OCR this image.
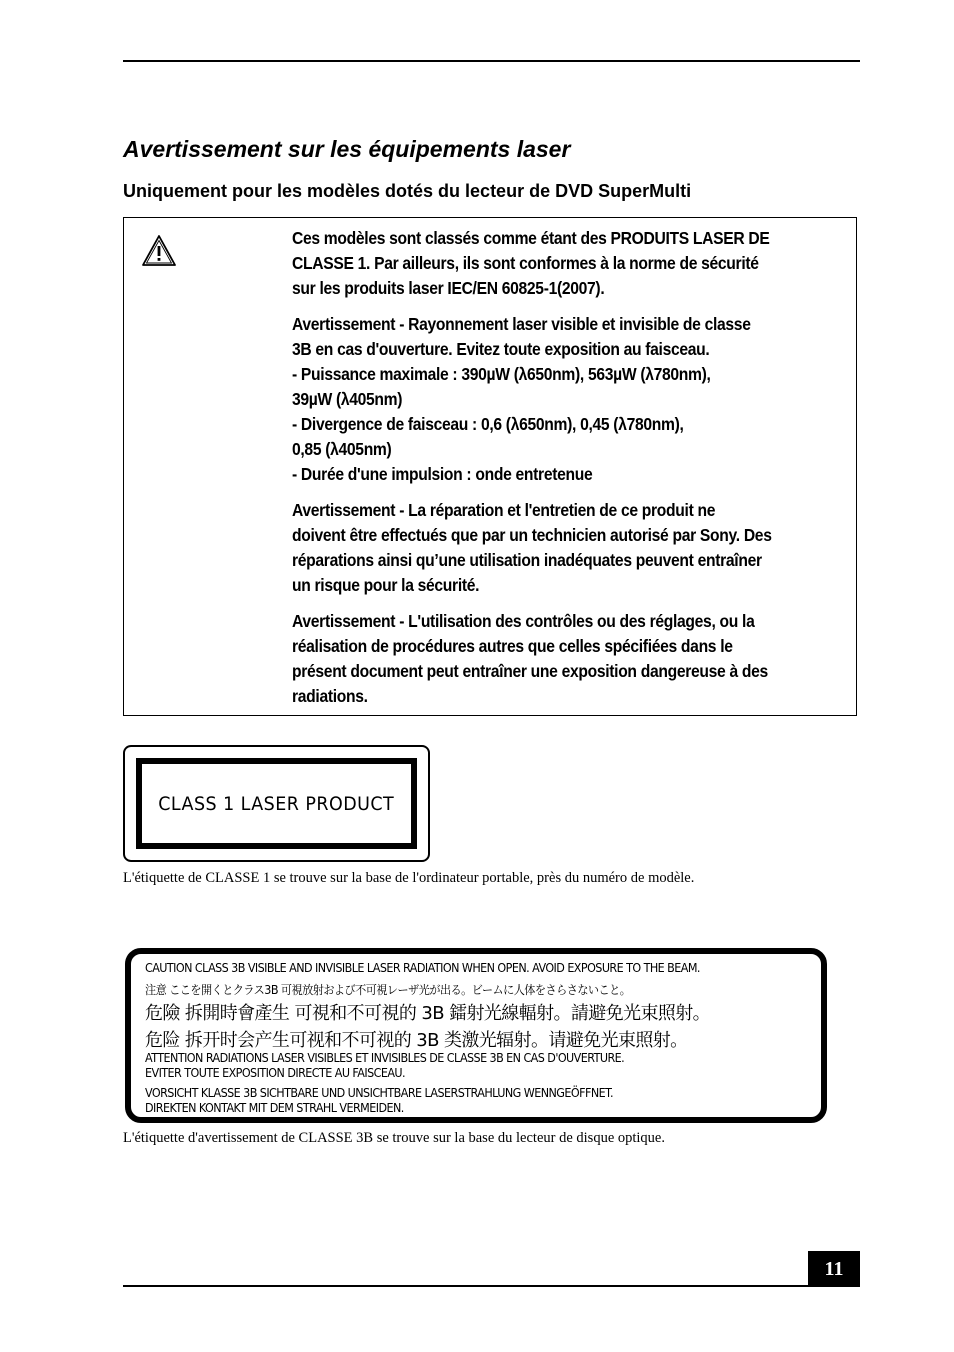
Avertissement sur les équipements laser
Uniquement pour les modèles dotés du lecteur de DVD SuperMulti

Ces modèles sont classés comme étant des PRODUITS LASER DE
CLASSE 1. Par ailleurs, ils sont conformes à la norme de sécurité
sur les produits laser IEC/EN 60825-1(2007).

Avertissement - Rayonnement laser visible et invisible de classe
3B en cas d'ouverture. Evitez toute exposition au faisceau.
- Puissance maximale : 390µW (λ650nm), 563µW (λ780nm),
39µW (λ405nm)
- Divergence de faisceau : 0,6 (λ650nm), 0,45 (λ780nm),
0,85 (λ405nm)
- Durée d'une impulsion : onde entretenue

Avertissement - La réparation et l'entretien de ce produit ne
doivent être effectués que par un technicien autorisé par Sony. Des
réparations ainsi qu’une utilisation inadéquates peuvent entraîner
un risque pour la sécurité.

Avertissement - L'utilisation des contrôles ou des réglages, ou la
réalisation de procédures autres que celles spécifiées dans le
présent document peut entraîner une exposition dangereuse à des
radiations.

CLASS 1 LASER PRODUCT
L'étiquette de CLASSE 1 se trouve sur la base de l'ordinateur portable, près du numéro de modèle.
CAUTION CLASS 3B VISIBLE AND INVISIBLE LASER RADIATION WHEN OPEN. AVOID EXPOSURE TO THE BEAM.
注意 ここを開くとクラス3B 可視放射および不可視レーザ光が出る。ビームに人体をさらさないこと。
危險 拆開時會產生 可視和不可視的 3B 鐳射光線輻射。請避免光束照射。
危险 拆开时会产生可视和不可视的 3B 类激光辐射。请避免光束照射。
ATTENTION RADIATIONS LASER VISIBLES ET INVISIBLES DE CLASSE 3B EN CAS D'OUVERTURE.
EVITER TOUTE EXPOSITION DIRECTE AU FAISCEAU.
VORSICHT KLASSE 3B SICHTBARE UND UNSICHTBARE LASERSTRAHLUNG WENNGEÖFFNET.
DIREKTEN KONTAKT MIT DEM STRAHL VERMEIDEN.
L'étiquette d'avertissement de CLASSE 3B se trouve sur la base du lecteur de disque optique.
11
